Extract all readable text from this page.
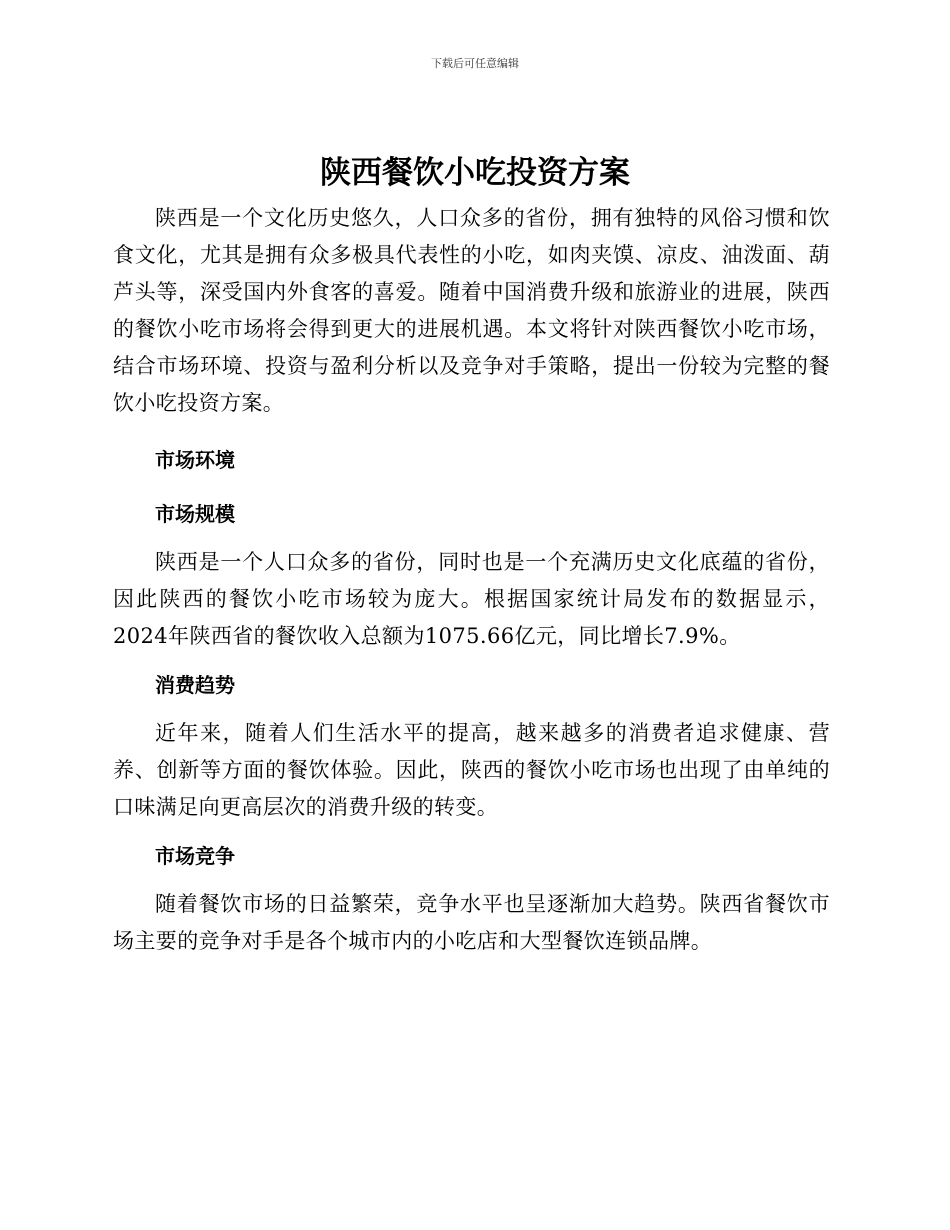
下载后可任意编辑
陕西餐饮小吃投资方案

陕西是一个文化历史悠久，人口众多的省份，拥有独特的风俗习惯和饮食文化，尤其是拥有众多极具代表性的小吃，如肉夹馍、凉皮、油泼面、葫芦头等，深受国内外食客的喜爱。随着中国消费升级和旅游业的进展，陕西的餐饮小吃市场将会得到更大的进展机遇。本文将针对陕西餐饮小吃市场，结合市场环境、投资与盈利分析以及竞争对手策略，提出一份较为完整的餐饮小吃投资方案。

市场环境
市场规模

陕西是一个人口众多的省份，同时也是一个充满历史文化底蕴的省份，因此陕西的餐饮小吃市场较为庞大。根据国家统计局发布的数据显示，2024年陕西省的餐饮收入总额为1075.66亿元，同比增长7.9%。

消费趋势

近年来，随着人们生活水平的提高，越来越多的消费者追求健康、营养、创新等方面的餐饮体验。因此，陕西的餐饮小吃市场也出现了由单纯的口味满足向更高层次的消费升级的转变。

市场竞争

随着餐饮市场的日益繁荣，竞争水平也呈逐渐加大趋势。陕西省餐饮市场主要的竞争对手是各个城市内的小吃店和大型餐饮连锁品牌。
